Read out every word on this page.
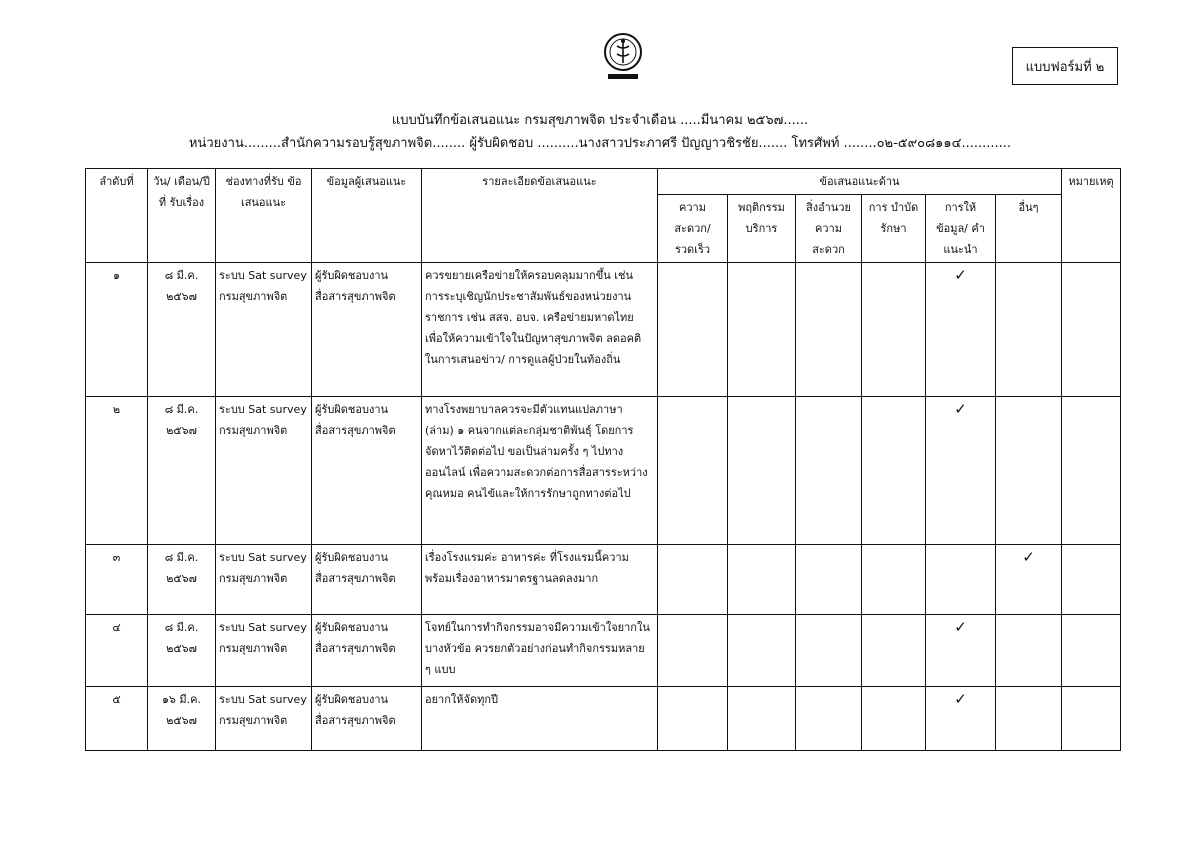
แบบฟอร์มที่ ๒
แบบบันทึกข้อเสนอแนะ กรมสุขภาพจิต ประจำเดือน .....มีนาคม ๒๕๖๗......
หน่วยงาน.........สำนักความรอบรู้สุขภาพจิต........ ผู้รับผิดชอบ ..........นางสาวประภาศรี ปัญญาวชิรชัย....... โทรศัพท์ ........๐๒-๕๙๐๘๑๑๔............
ลำดับที่	วัน/ เดือน/ปีที่ รับเรื่อง	ช่องทางที่รับ ข้อเสนอแนะ	ข้อมูลผู้เสนอแนะ	รายละเอียดข้อเสนอแนะ	ข้อเสนอแนะด้าน						หมายเหตุ
					ความ สะดวก/ รวดเร็ว	พฤติกรรม บริการ	สิ่งอำนวย ความสะดวก	การ บำบัดรักษา	การให้ ข้อมูล/ คำแนะนำ	อื่นๆ	
๑	๘ มี.ค. ๒๕๖๗	ระบบ Sat survey กรมสุขภาพจิต	ผู้รับผิดชอบงาน สื่อสารสุขภาพจิต	ควรขยายเครือข่ายให้ครอบคลุมมากขึ้น เช่น การระบุเชิญนักประชาสัมพันธ์ของหน่วยงานราชการ เช่น สสจ. อบจ. เครือข่ายมหาดไทย เพื่อให้ความเข้าใจในปัญหาสุขภาพจิต ลดอคติในการเสนอข่าว/ การดูแลผู้ป่วยในท้องถิ่น					✓		
๒	๘ มี.ค. ๒๕๖๗	ระบบ Sat survey กรมสุขภาพจิต	ผู้รับผิดชอบงาน สื่อสารสุขภาพจิต	ทางโรงพยาบาลควรจะมีตัวแทนแปลภาษา (ล่าม) ๑ คนจากแต่ละกลุ่มชาติพันธุ์ โดยการจัดหาไว้ติดต่อไป ขอเป็นล่ามครั้ง ๆ ไปทางออนไลน์ เพื่อความสะดวกต่อการสื่อสารระหว่างคุณหมอ คนไข้และให้การรักษาถูกทางต่อไป					✓		
๓	๘ มี.ค. ๒๕๖๗	ระบบ Sat survey กรมสุขภาพจิต	ผู้รับผิดชอบงาน สื่อสารสุขภาพจิต	เรื่องโรงแรมค่ะ อาหารค่ะ ที่โรงแรมนี้ความพร้อมเรื่องอาหารมาตรฐานลดลงมาก						✓	
๔	๘ มี.ค. ๒๕๖๗	ระบบ Sat survey กรมสุขภาพจิต	ผู้รับผิดชอบงาน สื่อสารสุขภาพจิต	โจทย์ในการทำกิจกรรมอาจมีความเข้าใจยากในบางหัวข้อ ควรยกตัวอย่างก่อนทำกิจกรรมหลาย ๆ แบบ					✓		
๕	๑๖ มี.ค. ๒๕๖๗	ระบบ Sat survey กรมสุขภาพจิต	ผู้รับผิดชอบงาน สื่อสารสุขภาพจิต	อยากให้จัดทุกปี					✓		
